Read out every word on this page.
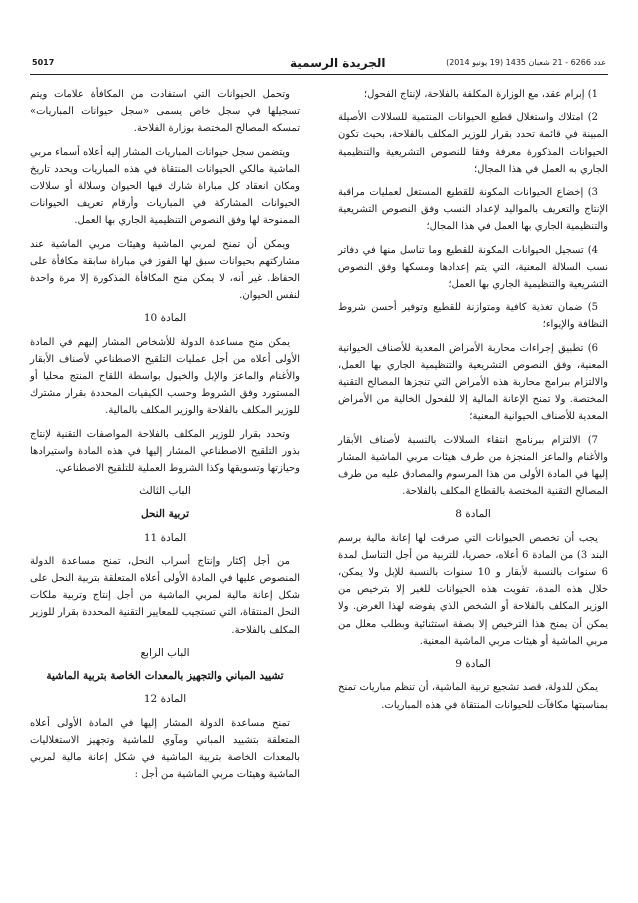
5017	الجريدة الرسمية	عدد 6266 - 21 شعبان 1435 (19 يونيو 2014)

1) إبرام عقد، مع الوزارة المكلفة بالفلاحة، لإنتاج الفحول؛

2) امتلاك واستغلال قطيع الحيوانات المنتمية للسلالات الأصيلة المبينة في قائمة تحدد بقرار للوزير المكلف بالفلاحة، بحيث تكون الحيوانات المذكورة معرفة وفقا للنصوص التشريعية والتنظيمية الجاري به العمل في هذا المجال؛

3) إخضاع الحيوانات المكونة للقطيع المستغل لعمليات مراقبة الإنتاج والتعريف بالمواليد لإعداد النسب وفق النصوص التشريعية والتنظيمية الجاري بها العمل في هذا المجال؛

4) تسجيل الحيوانات المكونة للقطيع وما تناسل منها في دفاتر نسب السلالة المعنية، التي يتم إعدادها ومسكها وفق النصوص التشريعية والتنظيمية الجاري بها العمل؛

5) ضمان تغذية كافية ومتوازنة للقطيع وتوفير أحسن شروط النظافة والإيواء؛

6) تطبيق إجراءات محاربة الأمراض المعدية للأصناف الحيوانية المعنية، وفق النصوص التشريعية والتنظيمية الجاري بها العمل، والالتزام ببرامج محاربة هذه الأمراض التي تنجزها المصالح التقنية المختصة. ولا تمنح الإعانة المالية إلا للفحول الخالية من الأمراض المعدية للأصناف الحيوانية المعنية؛

7) الالتزام ببرنامج انتقاء السلالات بالنسبة لأصناف الأبقار والأغنام والماعز المنجزة من طرف هيئات مربي الماشية المشار إليها في المادة الأولى من هذا المرسوم والمصادق عليه من طرف المصالح التقنية المختصة بالقطاع المكلف بالفلاحة.

المادة 8

يجب أن تخصص الحيوانات التي صرفت لها إعانة مالية برسم البند 3) من المادة 6 أعلاه، حصريا، للتربية من أجل التناسل لمدة 6 سنوات بالنسبة لأبقار و 10 سنوات بالنسبة للإبل ولا يمكن، خلال هذه المدة، تفويت هذه الحيوانات للغير إلا بترخيص من الوزير المكلف بالفلاحة أو الشخص الذي يفوضه لهذا الغرض. ولا يمكن أن يمنح هذا الترخيص إلا بصفة استثنائية وبطلب معلل من مربي الماشية أو هيئات مربي الماشية المعنية.

المادة 9

يمكن للدولة، قصد تشجيع تربية الماشية، أن تنظم مباريات تمنح بمناسبتها مكافآت للحيوانات المنتقاة في هذه المباريات.

وتحمل الحيوانات التي استفادت من المكافأة علامات ويتم تسجيلها في سجل خاص يسمى «سجل حيوانات المباريات» تمسكه المصالح المختصة بوزارة الفلاحة.

ويتضمن سجل حيوانات المباريات المشار إليه أعلاه أسماء مربي الماشية مالكي الحيوانات المنتقاة في هذه المباريات ويحدد تاريخ ومكان انعقاد كل مباراة شارك فيها الحيوان وسلالة أو سلالات الحيوانات المشاركة في المباريات وأرقام تعريف الحيوانات الممنوحة لها وفق النصوص التنظيمية الجاري بها العمل.

ويمكن أن تمنح لمربي الماشية وهيئات مربي الماشية عند مشاركتهم بحيوانات سبق لها الفوز في مباراة سابقة مكافأة على الحفاظ. غير أنه، لا يمكن منح المكافأة المذكورة إلا مرة واحدة لنفس الحيوان.

المادة 10

يمكن منح مساعدة الدولة للأشخاص المشار إليهم في المادة الأولى أعلاه من أجل عمليات التلقيح الاصطناعي لأصناف الأبقار والأغنام والماعز والإبل والخيول بواسطة اللقاح المنتج محليا أو المستورد وفق الشروط وحسب الكيفيات المحددة بقرار مشترك للوزير المكلف بالفلاحة والوزير المكلف بالمالية.

وتحدد بقرار للوزير المكلف بالفلاحة المواصفات التقنية لإنتاج بذور التلقيح الاصطناعي المشار إليها في هذه المادة واستيرادها وحيازتها وتسويقها وكذا الشروط العملية للتلقيح الاصطناعي.

الباب الثالث
تربية النحل
المادة 11

من أجل إكثار وإنتاج أسراب النحل، تمنح مساعدة الدولة المنصوص عليها في المادة الأولى أعلاه المتعلقة بتربية النحل على شكل إعانة مالية لمربي الماشية من أجل إنتاج وتربية ملكات النحل المنتقاة، التي تستجيب للمعايير التقنية المحددة بقرار للوزير المكلف بالفلاحة.

الباب الرابع
تشييد المباني والتجهيز بالمعدات الخاصة بتربية الماشية
المادة 12

تمنح مساعدة الدولة المشار إليها في المادة الأولى أعلاه المتعلقة بتشييد المباني ومآوي للماشية وتجهيز الاستغلاليات بالمعدات الخاصة بتربية الماشية في شكل إعانة مالية لمربي الماشية وهيئات مربي الماشية من أجل :
